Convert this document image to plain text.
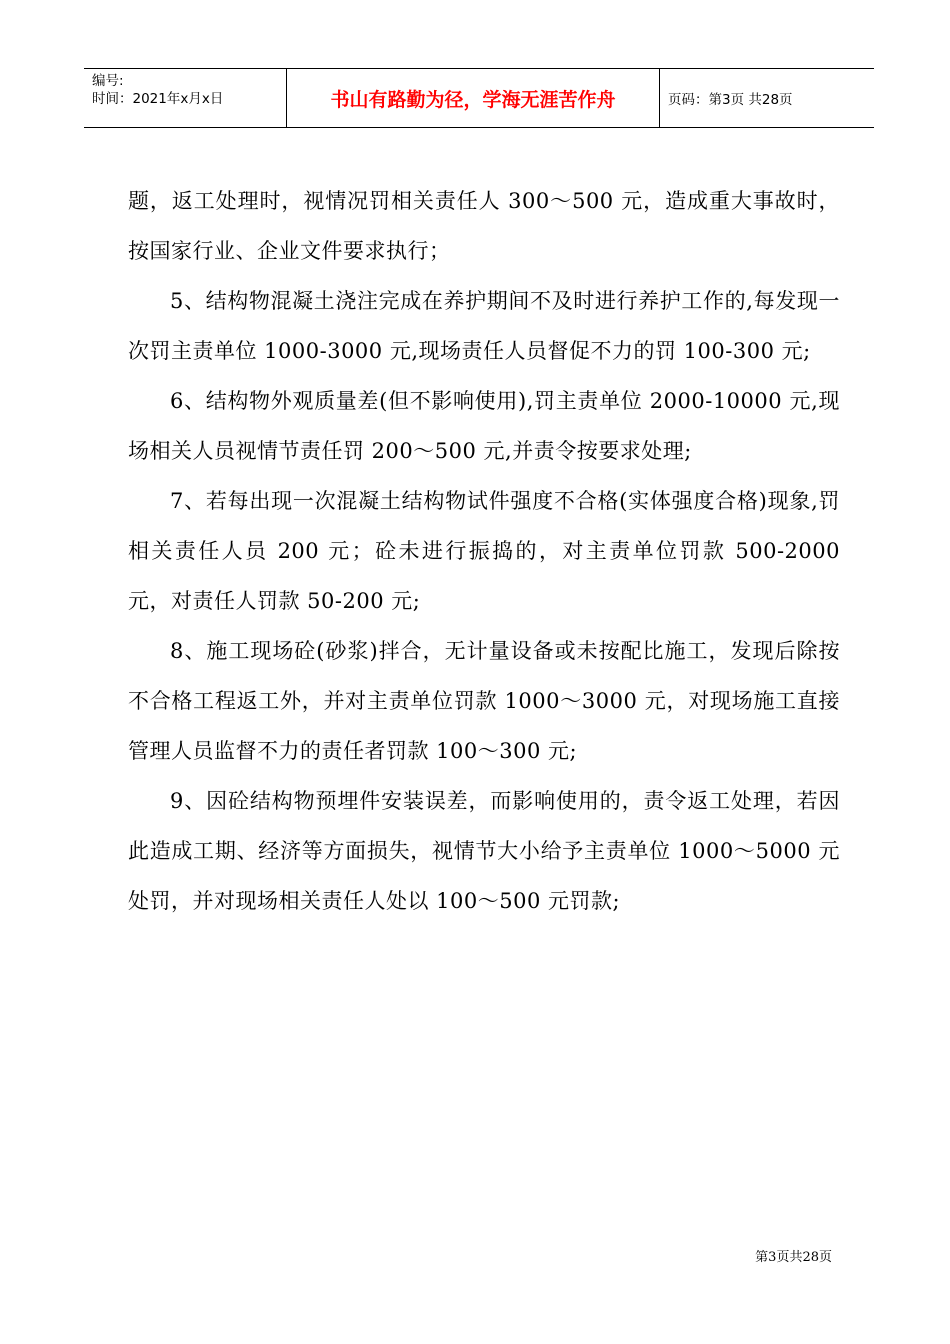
编号:
时间：2021年x月x日	书山有路勤为径，学海无涯苦作舟	页码：第3页 共28页

题，返工处理时，视情况罚相关责任人 300～500 元，造成重大事故时，按国家行业、企业文件要求执行；

5、结构物混凝土浇注完成在养护期间不及时进行养护工作的,每发现一次罚主责单位 1000-3000 元,现场责任人员督促不力的罚 100-300 元;

6、结构物外观质量差(但不影响使用),罚主责单位 2000-10000 元,现场相关人员视情节责任罚 200～500 元,并责令按要求处理;

7、若每出现一次混凝土结构物试件强度不合格(实体强度合格)现象,罚相关责任人员 200 元；砼未进行振捣的，对主责单位罚款 500-2000 元，对责任人罚款 50-200 元;

8、施工现场砼(砂浆)拌合，无计量设备或未按配比施工，发现后除按不合格工程返工外，并对主责单位罚款 1000～3000 元，对现场施工直接管理人员监督不力的责任者罚款 100～300 元;

9、因砼结构物预埋件安装误差，而影响使用的，责令返工处理，若因此造成工期、经济等方面损失，视情节大小给予主责单位 1000～5000 元处罚，并对现场相关责任人处以 100～500 元罚款;

第3页共28页
